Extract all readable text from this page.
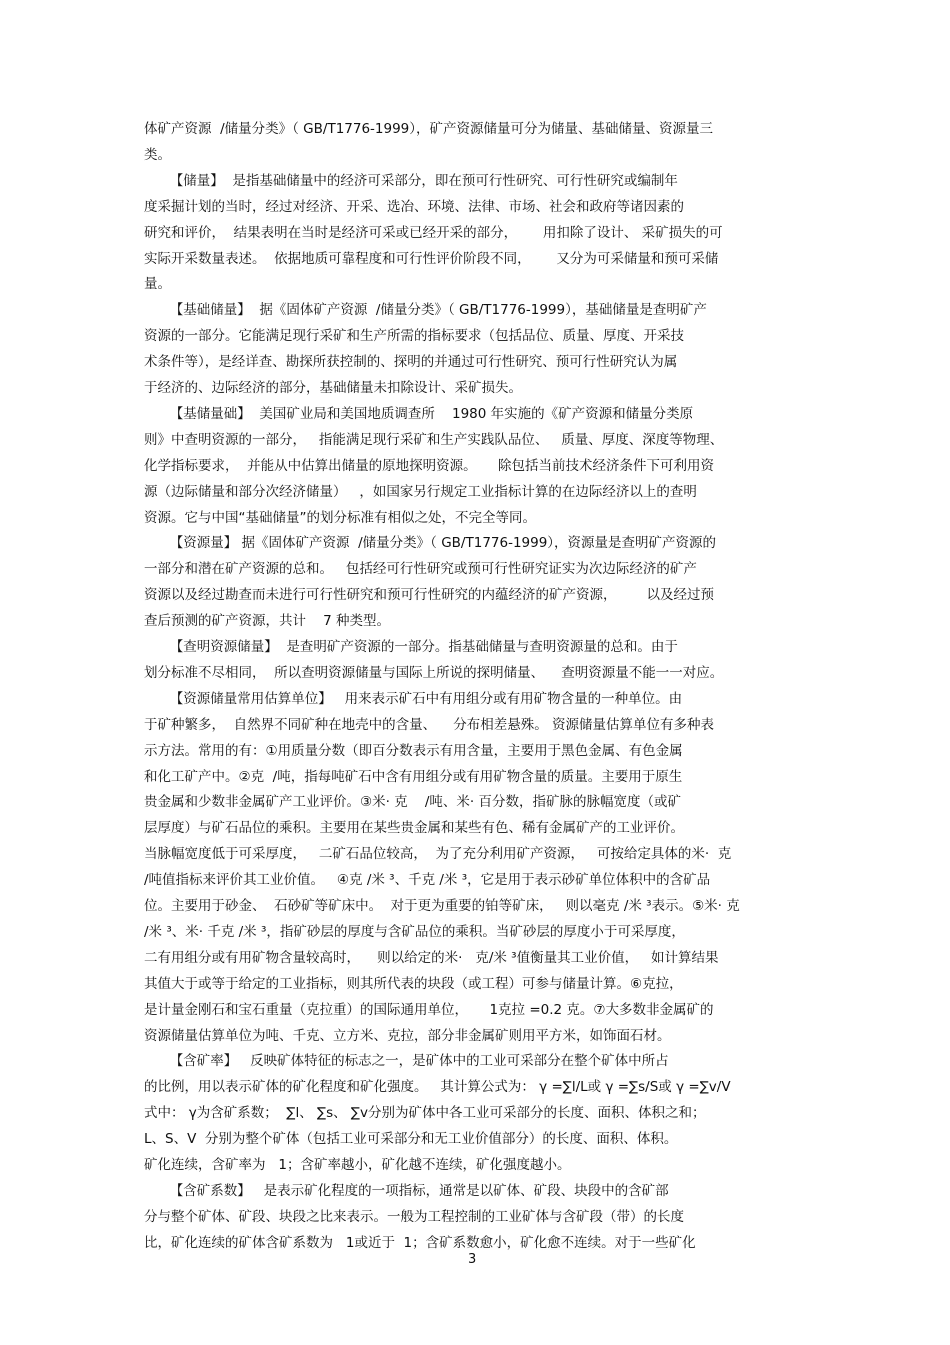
体矿产资源  /储量分类》（ GB/T1776-1999），矿产资源储量可分为储量、基础储量、资源量三
类。
【储量】  是指基础储量中的经济可采部分，即在预可行性研究、可行性研究或编制年
度采掘计划的当时，经过对经济、开采、选冶、环境、法律、市场、社会和政府等诸因素的
研究和评价，  结果表明在当时是经济可采或已经开采的部分，      用扣除了设计、 采矿损失的可
实际开采数量表述。  依据地质可靠程度和可行性评价阶段不同，      又分为可采储量和预可采储
量。
【基础储量】  据《固体矿产资源  /储量分类》（ GB/T1776-1999），基础储量是查明矿产
资源的一部分。它能满足现行采矿和生产所需的指标要求（包括品位、质量、厚度、开采技
术条件等），是经详查、勘探所获控制的、探明的并通过可行性研究、预可行性研究认为属
于经济的、边际经济的部分，基础储量未扣除设计、采矿损失。
【基储量础】  美国矿业局和美国地质调查所    1980 年实施的《矿产资源和储量分类原
则》中查明资源的一部分，   指能满足现行采矿和生产实践队品位、   质量、厚度、深度等物理、
化学指标要求，  并能从中估算出储量的原地探明资源。     除包括当前技术经济条件下可利用资
源（边际储量和部分次经济储量）   ，如国家另行规定工业指标计算的在边际经济以上的查明
资源。它与中国“基础储量”的划分标准有相似之处，不完全等同。
【资源量】 据《固体矿产资源  /储量分类》（ GB/T1776-1999），资源量是查明矿产资源的
一部分和潜在矿产资源的总和。   包括经可行性研究或预可行性研究证实为次边际经济的矿产
资源以及经过勘查而未进行可行性研究和预可行性研究的内蕴经济的矿产资源，       以及经过预
查后预测的矿产资源，共计    7 种类型。
【查明资源储量】  是查明矿产资源的一部分。指基础储量与查明资源量的总和。由于
划分标准不尽相同，  所以查明资源储量与国际上所说的探明储量、    查明资源量不能一一对应。
【资源储量常用估算单位】   用来表示矿石中有用组分或有用矿物含量的一种单位。由
于矿种繁多，  自然界不同矿种在地壳中的含量、    分布相差悬殊。 资源储量估算单位有多种表
示方法。常用的有：①用质量分数（即百分数表示有用含量，主要用于黑色金属、有色金属
和化工矿产中。②克  /吨，指每吨矿石中含有用组分或有用矿物含量的质量。主要用于原生
贵金属和少数非金属矿产工业评价。③米· 克    /吨、米· 百分数，指矿脉的脉幅宽度（或矿
层厚度）与矿石品位的乘积。主要用在某些贵金属和某些有色、稀有金属矿产的工业评价。
当脉幅宽度低于可采厚度，   二矿石品位较高，  为了充分利用矿产资源，   可按给定具体的米·  克
/吨值指标来评价其工业价值。   ④克 /米 ³、千克 /米 ³，它是用于表示砂矿单位体积中的含矿品
位。主要用于砂金、  石砂矿等矿床中。  对于更为重要的铂等矿床，   则以毫克 /米 ³表示。⑤米· 克
/米 ³、米· 千克 /米 ³，指矿砂层的厚度与含矿品位的乘积。当矿砂层的厚度小于可采厚度，
二有用组分或有用矿物含量较高时，    则以给定的米·   克/米 ³值衡量其工业价值，   如计算结果
其值大于或等于给定的工业指标，则其所代表的块段（或工程）可参与储量计算。⑥克拉，
是计量金刚石和宝石重量（克拉重）的国际通用单位，     1克拉 =0.2 克。⑦大多数非金属矿的
资源储量估算单位为吨、千克、立方米、克拉，部分非金属矿则用平方米，如饰面石材。
【含矿率】   反映矿体特征的标志之一，是矿体中的工业可采部分在整个矿体中所占
的比例，用以表示矿体的矿化程度和矿化强度。   其计算公式为： γ =∑l/L或 γ =∑s/S或 γ =∑v/V
式中： γ为含矿系数；  ∑l、 ∑s、 ∑v分别为矿体中各工业可采部分的长度、面积、体积之和；
L、S、V  分别为整个矿体（包括工业可采部分和无工业价值部分）的长度、面积、体积。
矿化连续，含矿率为   1；含矿率越小，矿化越不连续，矿化强度越小。
【含矿系数】   是表示矿化程度的一项指标，通常是以矿体、矿段、块段中的含矿部
分与整个矿体、矿段、块段之比来表示。一般为工程控制的工业矿体与含矿段（带）的长度
比，矿化连续的矿体含矿系数为   1或近于  1；含矿系数愈小，矿化愈不连续。对于一些矿化
3
